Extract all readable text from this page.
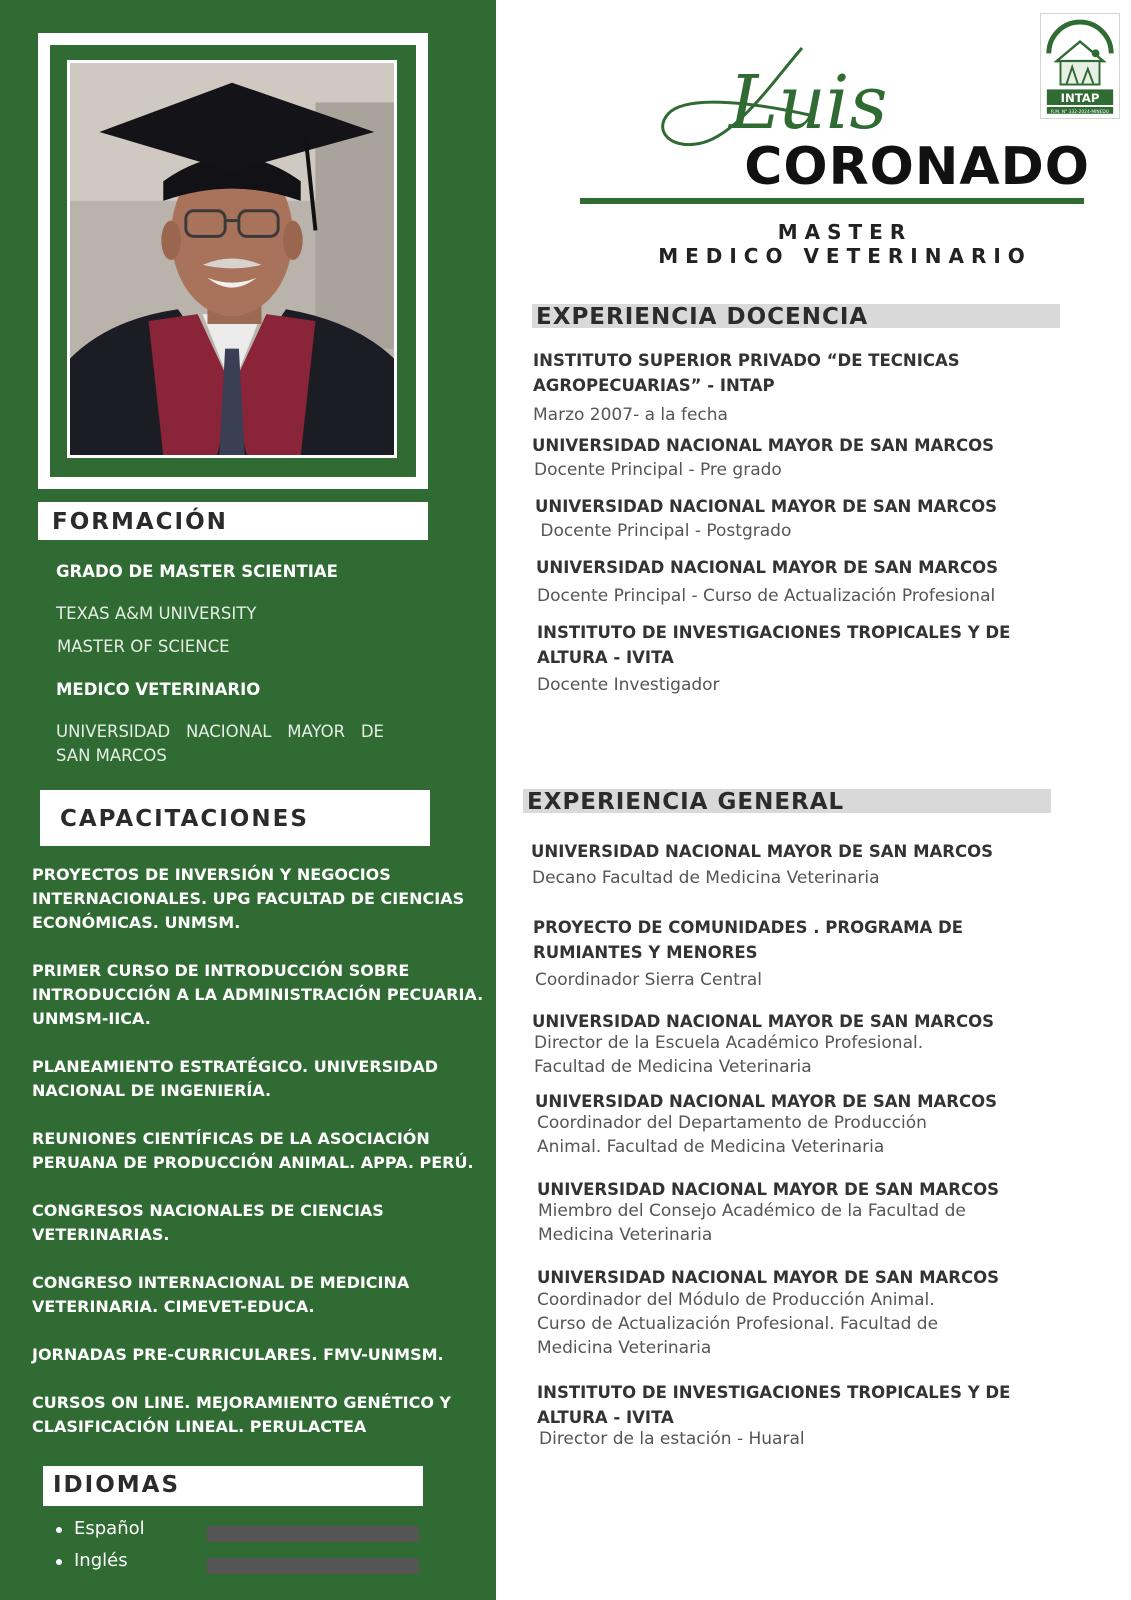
FORMACIÓN
GRADO DE MASTER SCIENTIAE
TEXAS A&M UNIVERSITY
MASTER OF SCIENCE
MEDICO VETERINARIO
UNIVERSIDAD   NACIONAL   MAYOR   DE
SAN MARCOS
CAPACITACIONES
PROYECTOS DE INVERSIÓN Y NEGOCIOS INTERNACIONALES. UPG FACULTAD DE CIENCIAS ECONÓMICAS. UNMSM.
PRIMER CURSO DE INTRODUCCIÓN SOBRE INTRODUCCIÓN A LA ADMINISTRACIÓN PECUARIA. UNMSM-IICA.
PLANEAMIENTO ESTRATÉGICO. UNIVERSIDAD NACIONAL DE INGENIERÍA.
REUNIONES CIENTÍFICAS DE LA ASOCIACIÓN PERUANA DE PRODUCCIÓN ANIMAL. APPA. PERÚ.
CONGRESOS NACIONALES DE CIENCIAS VETERINARIAS.
CONGRESO INTERNACIONAL DE MEDICINA VETERINARIA. CIMEVET-EDUCA.
JORNADAS PRE-CURRICULARES. FMV-UNMSM.
CURSOS ON LINE. MEJORAMIENTO GENÉTICO Y CLASIFICACIÓN LINEAL. PERULACTEA
IDIOMAS
Español
Inglés
INTAP
R.M. N° 332-2024-MINEDU
Luis
CORONADO
MASTER
MEDICO VETERINARIO
EXPERIENCIA DOCENCIA
INSTITUTO SUPERIOR PRIVADO “DE TECNICAS AGROPECUARIAS” - INTAP
Marzo 2007- a la fecha
UNIVERSIDAD NACIONAL MAYOR DE SAN MARCOS
Docente Principal - Pre grado
UNIVERSIDAD NACIONAL MAYOR DE SAN MARCOS
Docente Principal - Postgrado
UNIVERSIDAD NACIONAL MAYOR DE SAN MARCOS
Docente Principal - Curso de Actualización Profesional
INSTITUTO DE INVESTIGACIONES TROPICALES Y DE ALTURA - IVITA
Docente Investigador
EXPERIENCIA GENERAL
UNIVERSIDAD NACIONAL MAYOR DE SAN MARCOS
Decano Facultad de Medicina Veterinaria
PROYECTO DE COMUNIDADES . PROGRAMA DE RUMIANTES Y MENORES
Coordinador Sierra Central
UNIVERSIDAD NACIONAL MAYOR DE SAN MARCOS
Director de la Escuela Académico Profesional. Facultad de Medicina Veterinaria
UNIVERSIDAD NACIONAL MAYOR DE SAN MARCOS
Coordinador del Departamento de Producción Animal. Facultad de Medicina Veterinaria
UNIVERSIDAD NACIONAL MAYOR DE SAN MARCOS
Miembro del Consejo Académico de la Facultad de Medicina Veterinaria
UNIVERSIDAD NACIONAL MAYOR DE SAN MARCOS
Coordinador del Módulo de Producción Animal. Curso de Actualización Profesional. Facultad de Medicina Veterinaria
INSTITUTO DE INVESTIGACIONES TROPICALES Y DE ALTURA - IVITA
Director de la estación - Huaral
